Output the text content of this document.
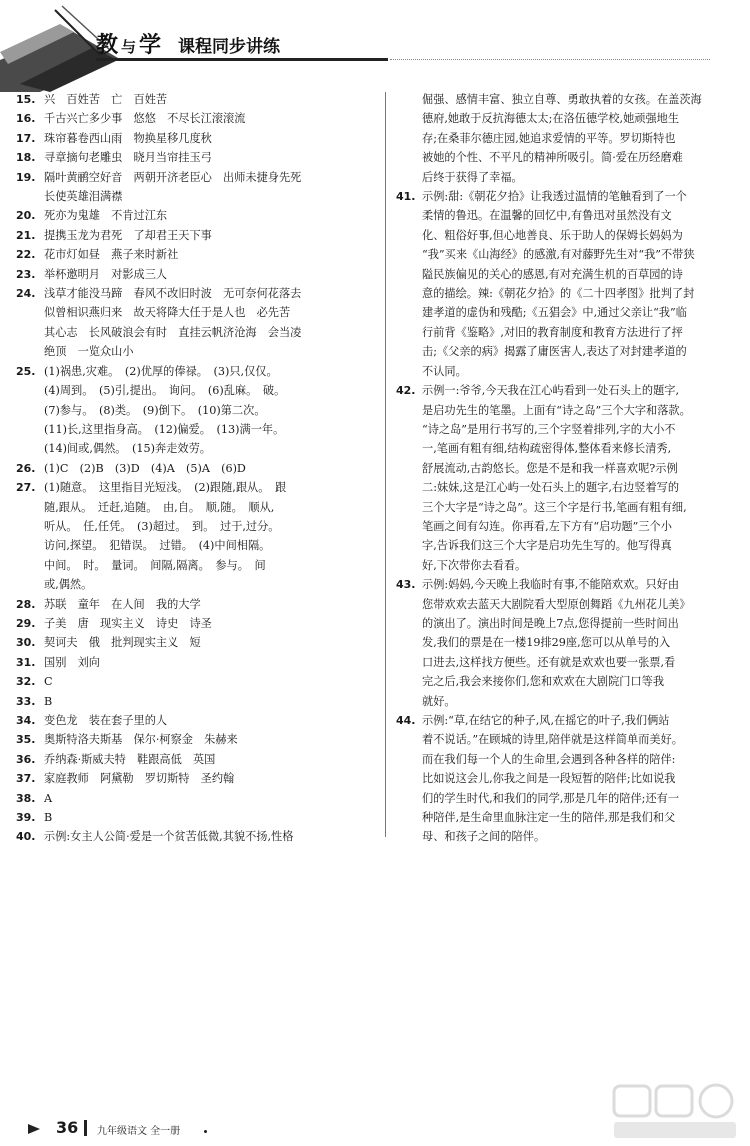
教 与学 课程同步讲练
15. 兴　百姓苦　亡　百姓苦
16. 千古兴亡多少事　悠悠　不尽长江滚滚流
17. 珠帘暮卷西山雨　物换星移几度秋
18. 寻章摘句老雕虫　晓月当帘挂玉弓
19. 隔叶黄鹂空好音　两朝开济老臣心　出师未捷身先死
长使英雄泪满襟
20. 死亦为鬼雄　不肯过江东
21. 提携玉龙为君死　了却君王天下事
22. 花市灯如昼　燕子来时新社
23. 举杯邀明月　对影成三人
24. 浅草才能没马蹄　春风不改旧时波　无可奈何花落去
似曾相识燕归来　故天将降大任于是人也　必先苦
其心志　长风破浪会有时　直挂云帆济沧海　会当凌
绝顶　一览众山小
25. (1)祸患,灾难。　(2)优厚的俸禄。　(3)只,仅仅。
(4)周到。　(5)引,提出。　询问。　(6)乱麻。　破。
(7)参与。　(8)类。　(9)倒下。　(10)第二次。
(11)长,这里指身高。　(12)偏爱。　(13)满一年。
(14)间或,偶然。　(15)奔走效劳。
26. (1)C　(2)B　(3)D　(4)A　(5)A　(6)D
27. (1)随意。　这里指目光短浅。　(2)跟随,跟从。　跟
随,跟从。　迁赶,追随。　由,自。　顺,随。　顺从,
听从。　任,任凭。　(3)超过。　到。　过于,过分。
访问,探望。　犯错误。　过错。　(4)中间相隔。
中间。　时。　量词。　间隔,隔离。　参与。　间
或,偶然。
28. 苏联　童年　在人间　我的大学
29. 子美　唐　现实主义　诗史　诗圣
30. 契诃夫　俄　批判现实主义　短
31. 国别　刘向
32. C
33. B
34. 变色龙　装在套子里的人
35. 奥斯特洛夫斯基　保尔·柯察金　朱赫来
36. 乔纳森·斯威夫特　鞋跟高低　英国
37. 家庭教师　阿黛勒　罗切斯特　圣约翰
38. A
39. B
40. 示例:女主人公简·爱是一个贫苦低微,其貌不扬,性格
倔强、感情丰富、独立自尊、勇敢执着的女孩。在盖茨海
德府,她敢于反抗海德太太;在洛伍德学校,她顽强地生
存;在桑菲尔德庄园,她追求爱情的平等。罗切斯特也
被她的个性、不平凡的精神所吸引。简·爱在历经磨难
后终于获得了幸福。
41. 示例:甜:《朝花夕拾》让我透过温情的笔触看到了一个
柔情的鲁迅。在温馨的回忆中,有鲁迅对虽然没有文
化、粗俗好事,但心地善良、乐于助人的保姆长妈妈为
“我”买来《山海经》的感激,有对藤野先生对“我”不带狭
隘民族偏见的关心的感恩,有对充满生机的百草园的诗
意的描绘。辣:《朝花夕拾》的《二十四孝图》批判了封
建孝道的虚伪和残酷;《五猖会》中,通过父亲让“我”临
行前背《鉴略》,对旧的教育制度和教育方法进行了抨
击;《父亲的病》揭露了庸医害人,表达了对封建孝道的
不认同。
42. 示例一:爷爷,今天我在江心屿看到一处石头上的题字,
是启功先生的笔墨。上面有“诗之岛”三个大字和落款。
“诗之岛”是用行书写的,三个字竖着排列,字的大小不
一,笔画有粗有细,结构疏密得体,整体看来修长清秀,
舒展流动,古韵悠长。您是不是和我一样喜欢呢?示例
二:妹妹,这是江心屿一处石头上的题字,右边竖着写的
三个大字是“诗之岛”。这三个字是行书,笔画有粗有细,
笔画之间有勾连。你再看,左下方有“启功题”三个小
字,告诉我们这三个大字是启功先生写的。他写得真
好,下次带你去看看。
43. 示例:妈妈,今天晚上我临时有事,不能陪欢欢。只好由
您带欢欢去蓝天大剧院看大型原创舞蹈《九州花儿美》
的演出了。演出时间是晚上7点,您得提前一些时间出
发,我们的票是在一楼19排29座,您可以从单号的入
口进去,这样找方便些。还有就是欢欢也要一张票,看
完之后,我会来接你们,您和欢欢在大剧院门口等我
就好。
44. 示例:“草,在结它的种子,风,在摇它的叶子,我们俩站
着不说话。”在顾城的诗里,陪伴就是这样简单而美好。
而在我们每一个人的生命里,会遇到各种各样的陪伴:
比如说这会儿,你我之间是一段短暂的陪伴;比如说我
们的学生时代,和我们的同学,那是几年的陪伴;还有一
种陪伴,是生命里血脉注定一生的陪伴,那是我们和父
母、和孩子之间的陪伴。
36 九年级语文 全一册
